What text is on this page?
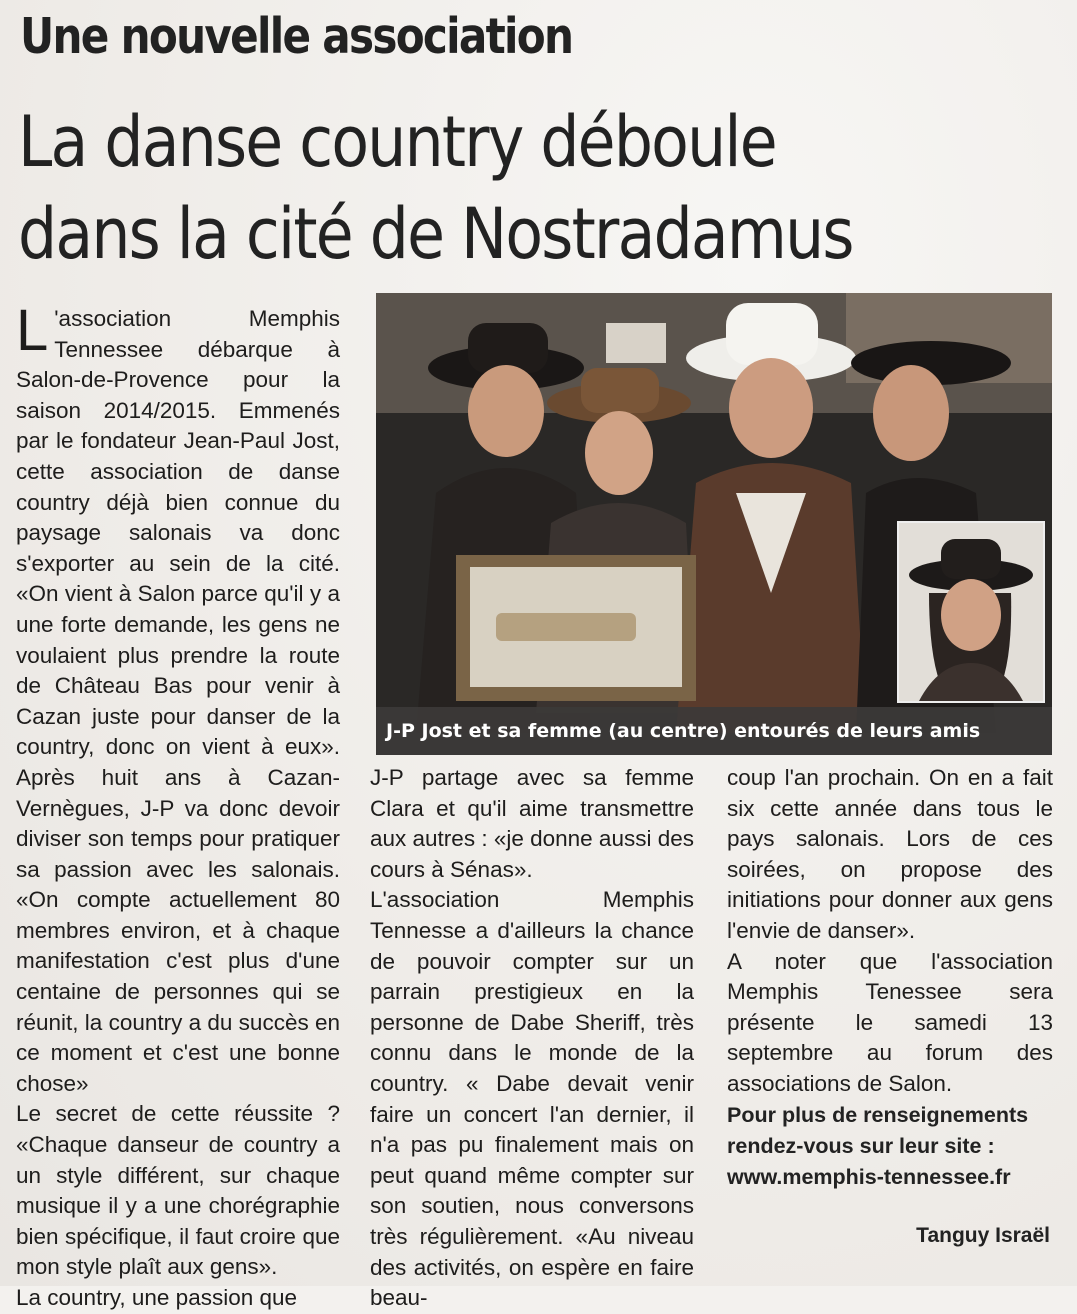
Une nouvelle association
La danse country déboule
dans la cité de Nostradamus

L 'association Memphis Tennessee débarque à Salon-de-Provence pour la saison 2014/2015. Emmenés par le fondateur Jean-Paul Jost, cette association de danse country déjà bien connue du paysage salonais va donc s'exporter au sein de la cité. «On vient à Salon parce qu'il y a une forte demande, les gens ne voulaient plus prendre la route de Château Bas pour venir à Cazan juste pour danser de la country, donc on vient à eux». Après huit ans à Cazan-Vernègues, J-P va donc devoir diviser son temps pour pratiquer sa passion avec les salonais. «On compte actuellement 80 membres environ, et à chaque manifestation c'est plus d'une centaine de personnes qui se réunit, la country a du succès en ce moment et c'est une bonne chose»

Le secret de cette réussite ? «Chaque danseur de country a un style différent, sur chaque musique il y a une chorégraphie bien spécifique, il faut croire que mon style plaît aux gens».

La country, une passion que

J-P Jost et sa femme (au centre) entourés de leurs amis

J-P partage avec sa femme Clara et qu'il aime transmettre aux autres : «je donne aussi des cours à Sénas».

L'association Memphis Tennesse a d'ailleurs la chance de pouvoir compter sur un parrain prestigieux en la personne de Dabe Sheriff, très connu dans le monde de la country. « Dabe devait venir faire un concert l'an dernier, il n'a pas pu finalement mais on peut quand même compter sur son soutien, nous conversons très régulièrement. «Au niveau des activités, on espère en faire beau-

coup l'an prochain. On en a fait six cette année dans tous le pays salonais. Lors de ces soirées, on propose des initiations pour donner aux gens l'envie de danser».

A noter que l'association Memphis Tenessee sera présente le samedi 13 septembre au forum des associations de Salon.

Pour plus de renseignements
rendez-vous sur leur site :
www.memphis-tennessee.fr
Tanguy Israël
